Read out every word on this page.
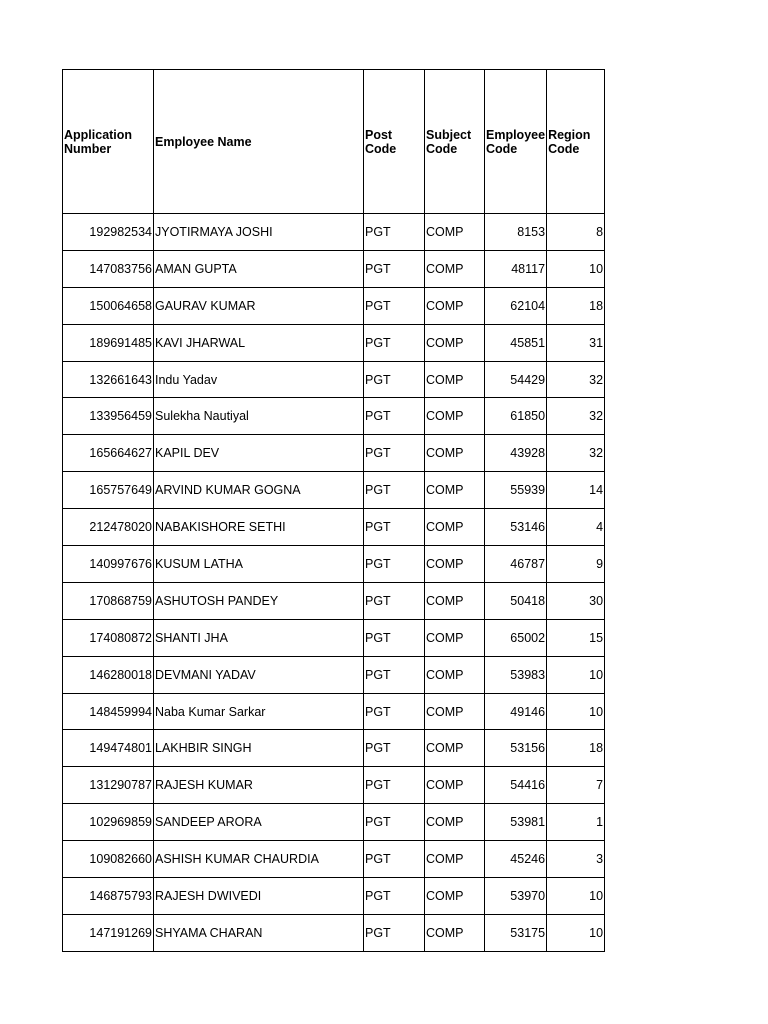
Application Number	Employee Name	Post Code	Subject Code	Employee Code	Region Code
192982534	JYOTIRMAYA JOSHI	PGT	COMP	8153	8
147083756	AMAN GUPTA	PGT	COMP	48117	10
150064658	GAURAV KUMAR	PGT	COMP	62104	18
189691485	KAVI JHARWAL	PGT	COMP	45851	31
132661643	Indu Yadav	PGT	COMP	54429	32
133956459	Sulekha Nautiyal	PGT	COMP	61850	32
165664627	KAPIL DEV	PGT	COMP	43928	32
165757649	ARVIND KUMAR GOGNA	PGT	COMP	55939	14
212478020	NABAKISHORE SETHI	PGT	COMP	53146	4
140997676	KUSUM LATHA	PGT	COMP	46787	9
170868759	ASHUTOSH PANDEY	PGT	COMP	50418	30
174080872	SHANTI JHA	PGT	COMP	65002	15
146280018	DEVMANI YADAV	PGT	COMP	53983	10
148459994	Naba Kumar Sarkar	PGT	COMP	49146	10
149474801	LAKHBIR SINGH	PGT	COMP	53156	18
131290787	RAJESH KUMAR	PGT	COMP	54416	7
102969859	SANDEEP ARORA	PGT	COMP	53981	1
109082660	ASHISH KUMAR CHAURDIA	PGT	COMP	45246	3
146875793	RAJESH DWIVEDI	PGT	COMP	53970	10
147191269	SHYAMA CHARAN	PGT	COMP	53175	10
